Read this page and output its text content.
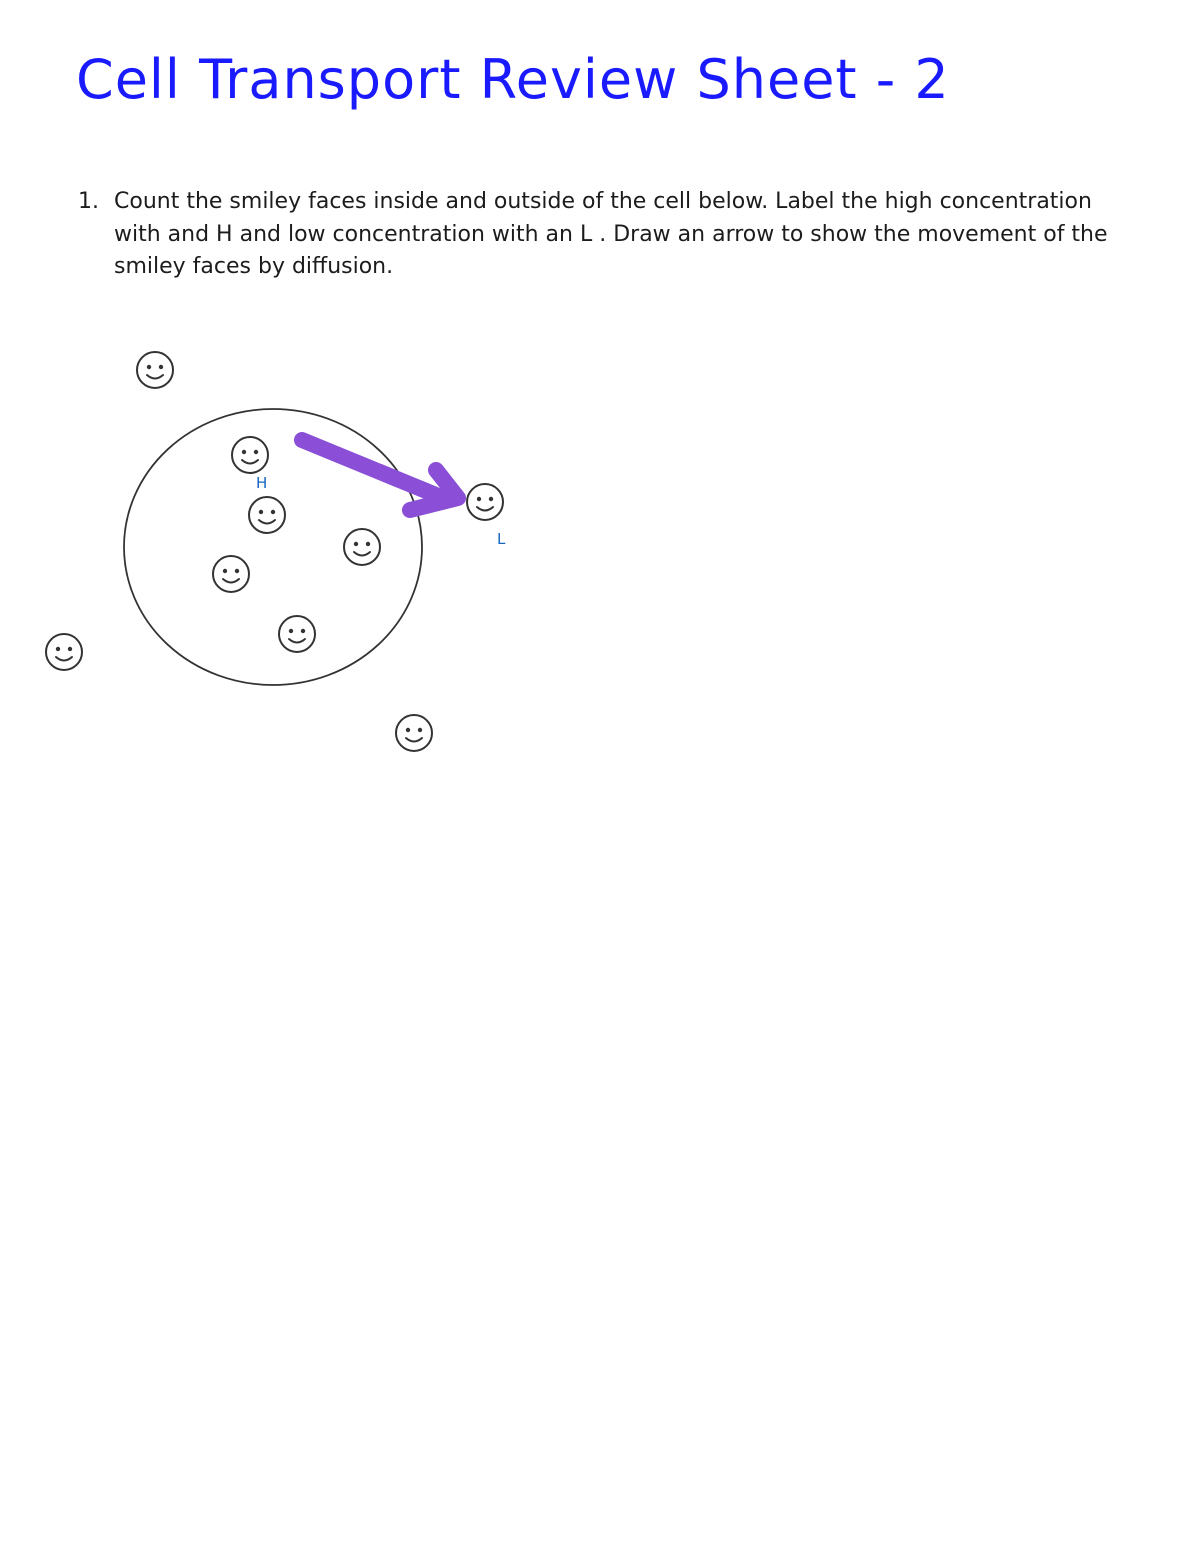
Cell Transport Review Sheet - 2
1. Count the smiley faces inside and outside of the cell below. Label the high concentration with and H and low concentration with an L . Draw an arrow to show the movement of the smiley faces by diffusion.
H
L
